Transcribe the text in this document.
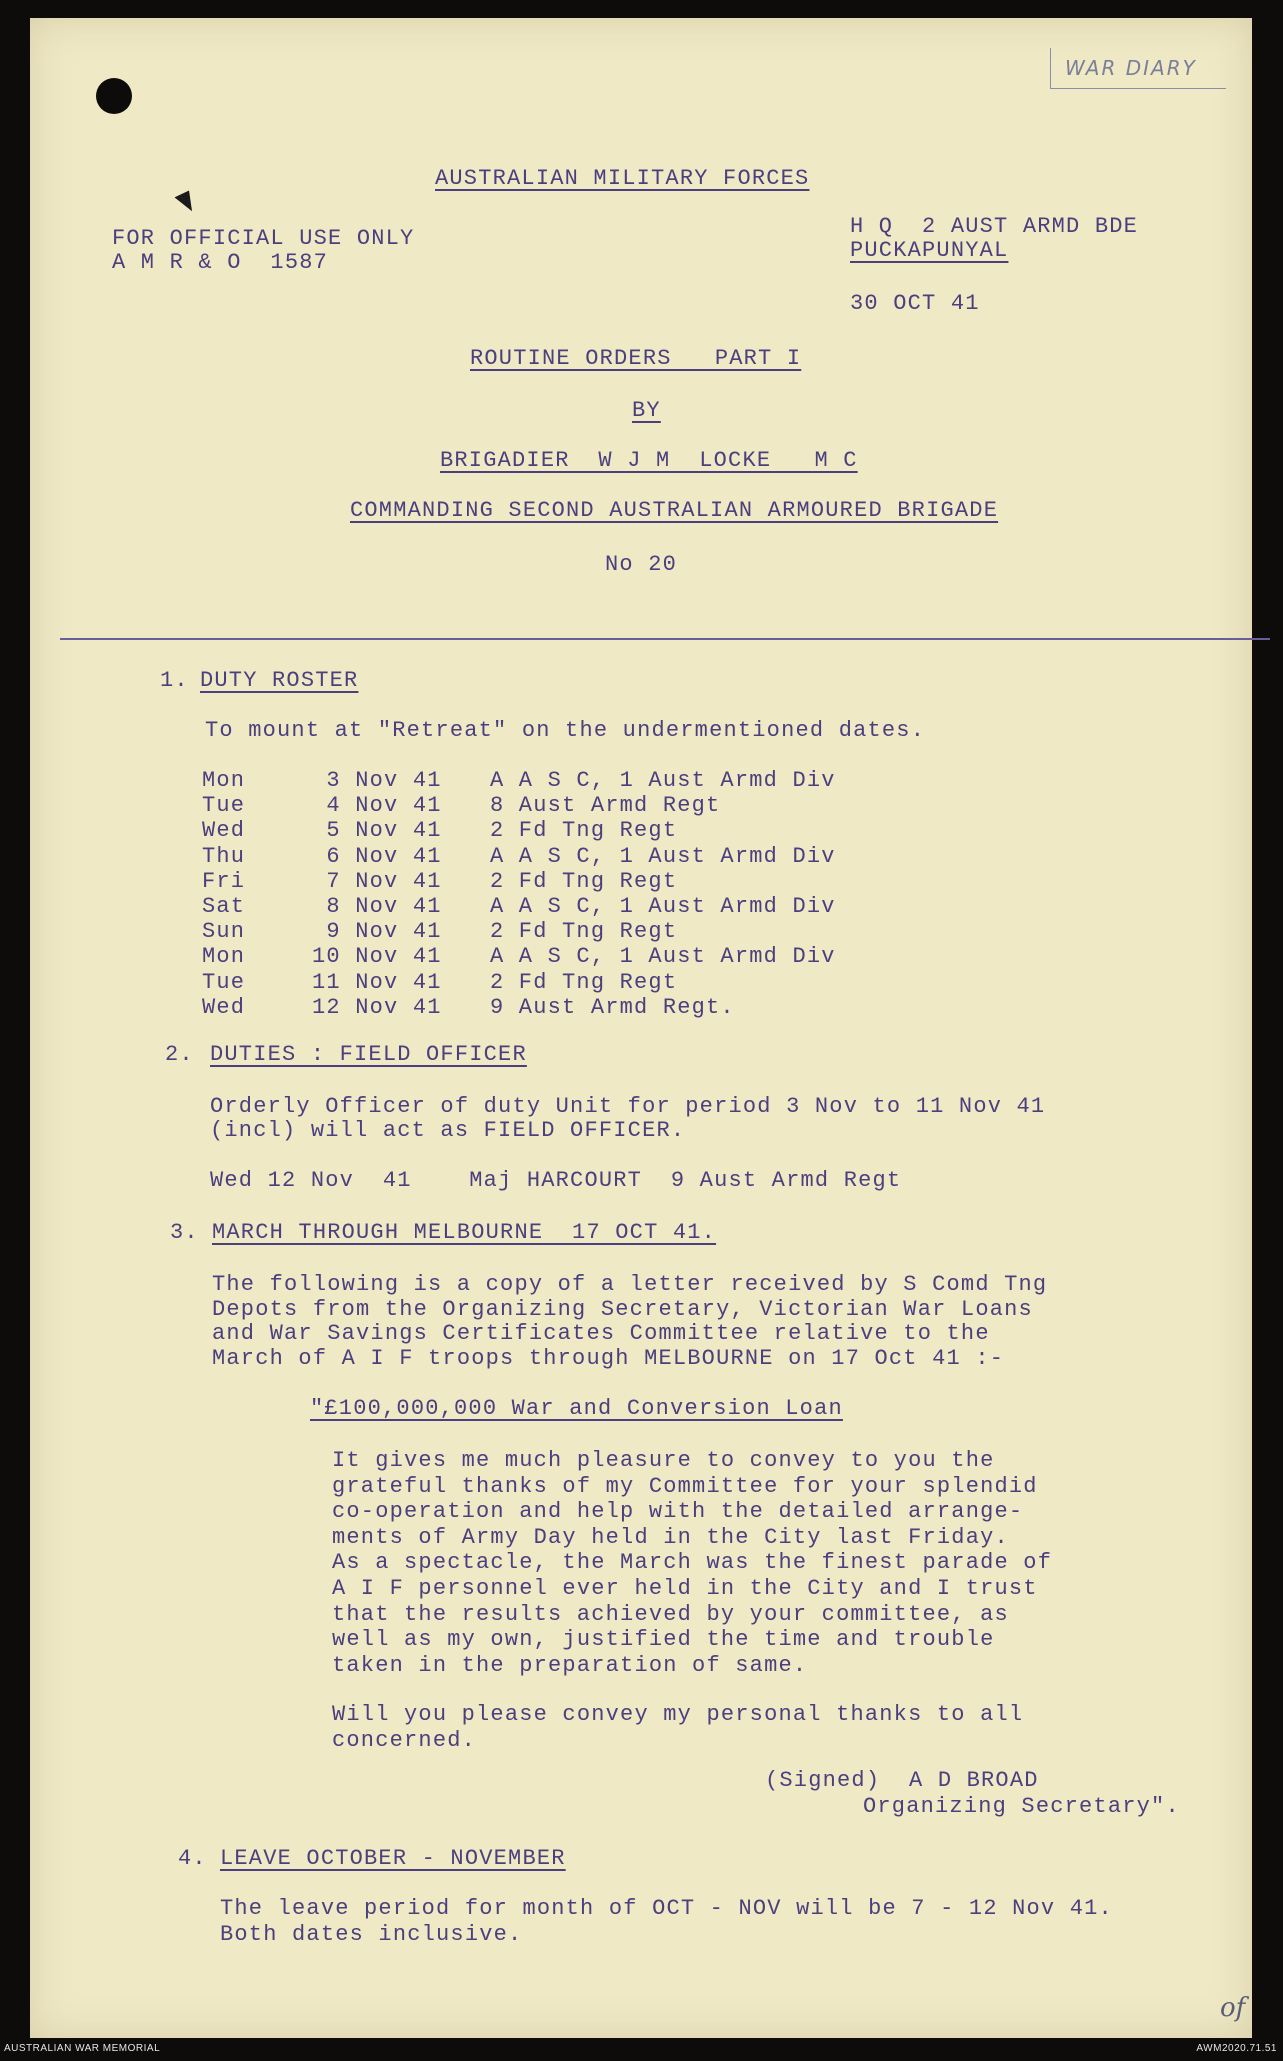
WAR DIARY
AUSTRALIAN MILITARY FORCES
FOR OFFICIAL USE ONLY
A M R & O  1587
H Q  2 AUST ARMD BDE
PUCKAPUNYAL
30 OCT 41
ROUTINE ORDERS   PART I
BY
BRIGADIER  W J M  LOCKE   M C
COMMANDING SECOND AUSTRALIAN ARMOURED BRIGADE
No 20
1. DUTY ROSTER
To mount at "Retreat" on the undermentioned dates.
Mon	3 Nov 41 A A S C, 1 Aust Armd Div
Tue	4 Nov 41 8 Aust Armd Regt
Wed	5 Nov 41 2 Fd Tng Regt
Thu	6 Nov 41 A A S C, 1 Aust Armd Div
Fri	7 Nov 41 2 Fd Tng Regt
Sat	8 Nov 41 A A S C, 1 Aust Armd Div
Sun	9 Nov 41 2 Fd Tng Regt
Mon	10 Nov 41 A A S C, 1 Aust Armd Div
Tue	11 Nov 41 2 Fd Tng Regt
Wed	12 Nov 41 9 Aust Armd Regt.
2. DUTIES : FIELD OFFICER
Orderly Officer of duty Unit for period 3 Nov to 11 Nov 41
(incl) will act as FIELD OFFICER.
Wed 12 Nov  41    Maj HARCOURT  9 Aust Armd Regt
3. MARCH THROUGH MELBOURNE  17 OCT 41.
The following is a copy of a letter received by S Comd Tng
Depots from the Organizing Secretary, Victorian War Loans
and War Savings Certificates Committee relative to the
March of A I F troops through MELBOURNE on 17 Oct 41 :-
"£100,000,000 War and Conversion Loan
It gives me much pleasure to convey to you the
grateful thanks of my Committee for your splendid
co-operation and help with the detailed arrange-
ments of Army Day held in the City last Friday.
As a spectacle, the March was the finest parade of
A I F personnel ever held in the City and I trust
that the results achieved by your committee, as
well as my own, justified the time and trouble
taken in the preparation of same.
Will you please convey my personal thanks to all
concerned.
(Signed)  A D BROAD
Organizing Secretary".
4. LEAVE OCTOBER - NOVEMBER
The leave period for month of OCT - NOV will be 7 - 12 Nov 41.
Both dates inclusive.
of
AUSTRALIAN WAR MEMORIAL	AWM2020.71.51
